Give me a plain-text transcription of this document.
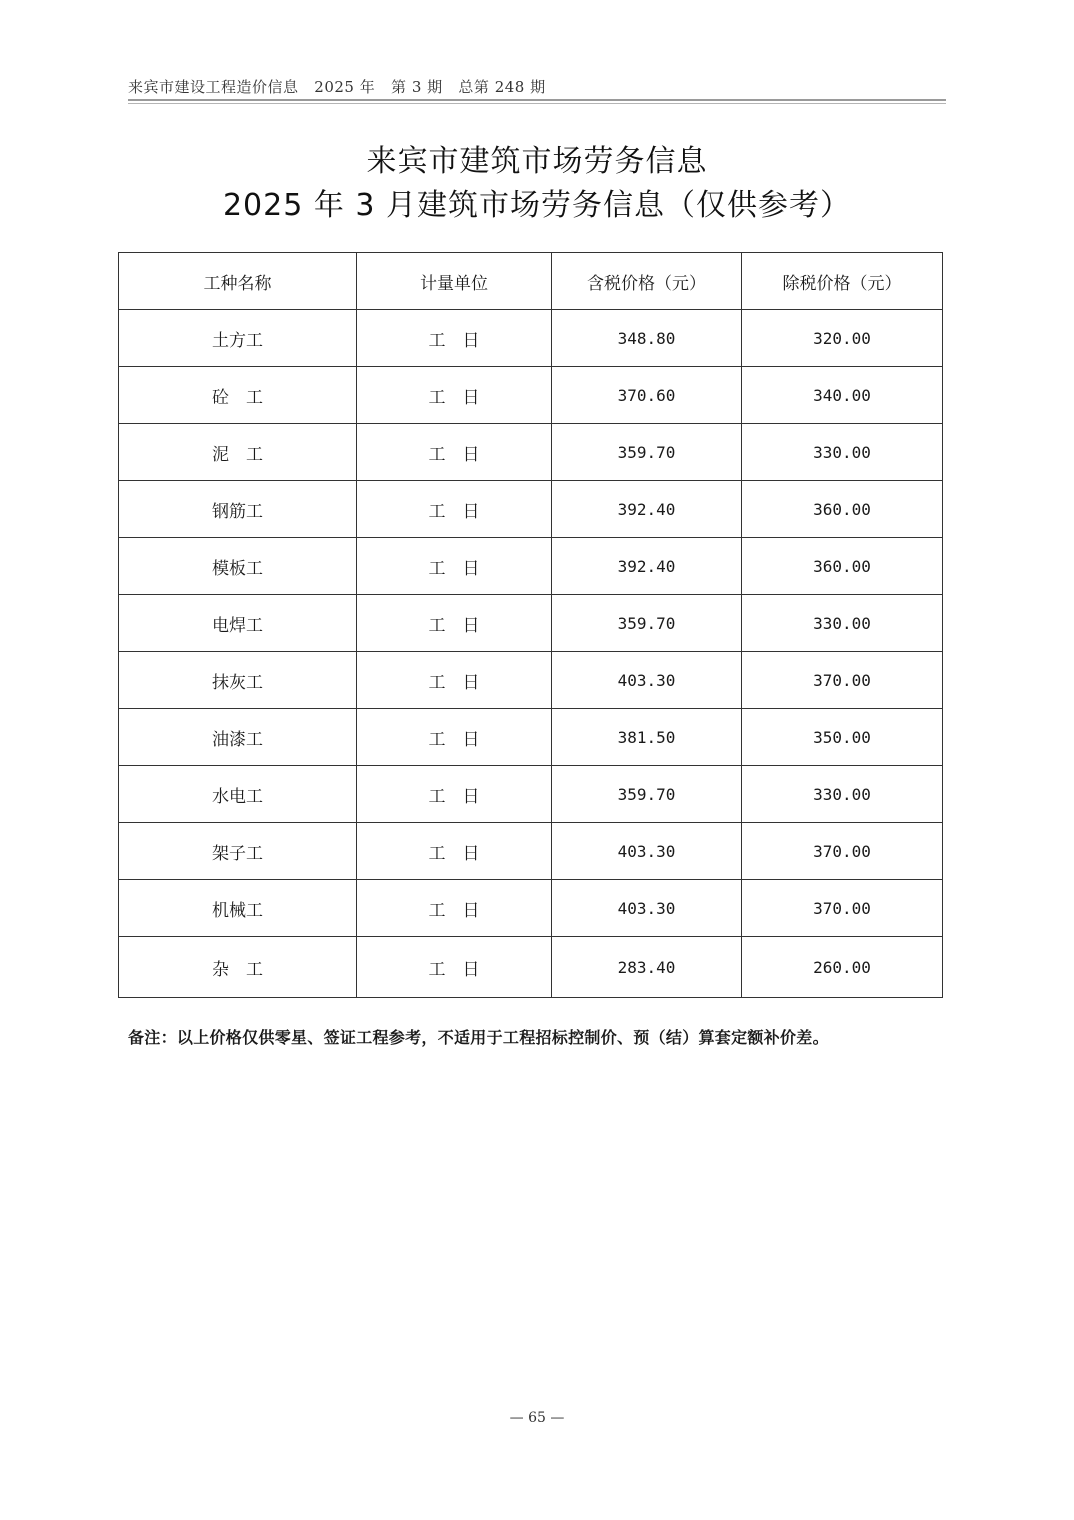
来宾市建设工程造价信息   2025 年   第 3 期   总第 248 期
来宾市建筑市场劳务信息
2025 年 3 月建筑市场劳务信息（仅供参考）
工种名称	计量单位	含税价格（元）	除税价格（元）
土方工	工　日	348.80	320.00
砼　工	工　日	370.60	340.00
泥　工	工　日	359.70	330.00
钢筋工	工　日	392.40	360.00
模板工	工　日	392.40	360.00
电焊工	工　日	359.70	330.00
抹灰工	工　日	403.30	370.00
油漆工	工　日	381.50	350.00
水电工	工　日	359.70	330.00
架子工	工　日	403.30	370.00
机械工	工　日	403.30	370.00
杂　工	工　日	283.40	260.00
备注：以上价格仅供零星、签证工程参考，不适用于工程招标控制价、预（结）算套定额补价差。
— 65 —
